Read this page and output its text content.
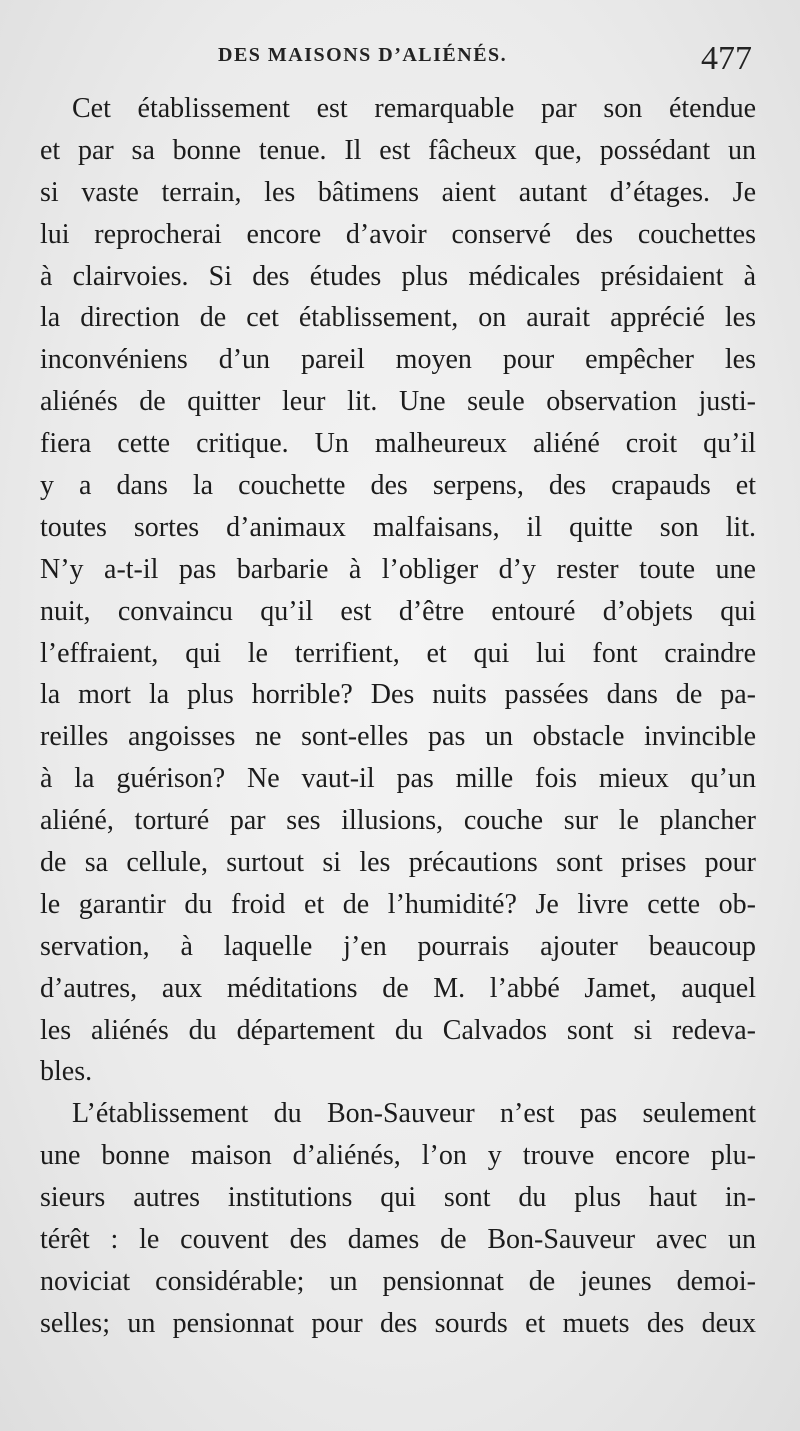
DES MAISONS D’ALIÉNÉS.	477
Cet établissement est remarquable par son étendue
et par sa bonne tenue. Il est fâcheux que, possédant un
si vaste terrain, les bâtimens aient autant d’étages. Je
lui reprocherai encore d’avoir conservé des couchettes
à clairvoies. Si des études plus médicales présidaient à
la direction de cet établissement, on aurait apprécié les
inconvéniens d’un pareil moyen pour empêcher les
aliénés de quitter leur lit. Une seule observation justi-
fiera cette critique. Un malheureux aliéné croit qu’il
y a dans la couchette des serpens, des crapauds et
toutes sortes d’animaux malfaisans, il quitte son lit.
N’y a-t-il pas barbarie à l’obliger d’y rester toute une
nuit, convaincu qu’il est d’être entouré d’objets qui
l’effraient, qui le terrifient, et qui lui font craindre
la mort la plus horrible? Des nuits passées dans de pa-
reilles angoisses ne sont-elles pas un obstacle invincible
à la guérison? Ne vaut-il pas mille fois mieux qu’un
aliéné, torturé par ses illusions, couche sur le plancher
de sa cellule, surtout si les précautions sont prises pour
le garantir du froid et de l’humidité? Je livre cette ob-
servation, à laquelle j’en pourrais ajouter beaucoup
d’autres, aux méditations de M. l’abbé Jamet, auquel
les aliénés du département du Calvados sont si redeva-
bles.
L’établissement du Bon-Sauveur n’est pas seulement
une bonne maison d’aliénés, l’on y trouve encore plu-
sieurs autres institutions qui sont du plus haut in-
térêt : le couvent des dames de Bon-Sauveur avec un
noviciat considérable; un pensionnat de jeunes demoi-
selles; un pensionnat pour des sourds et muets des deux
